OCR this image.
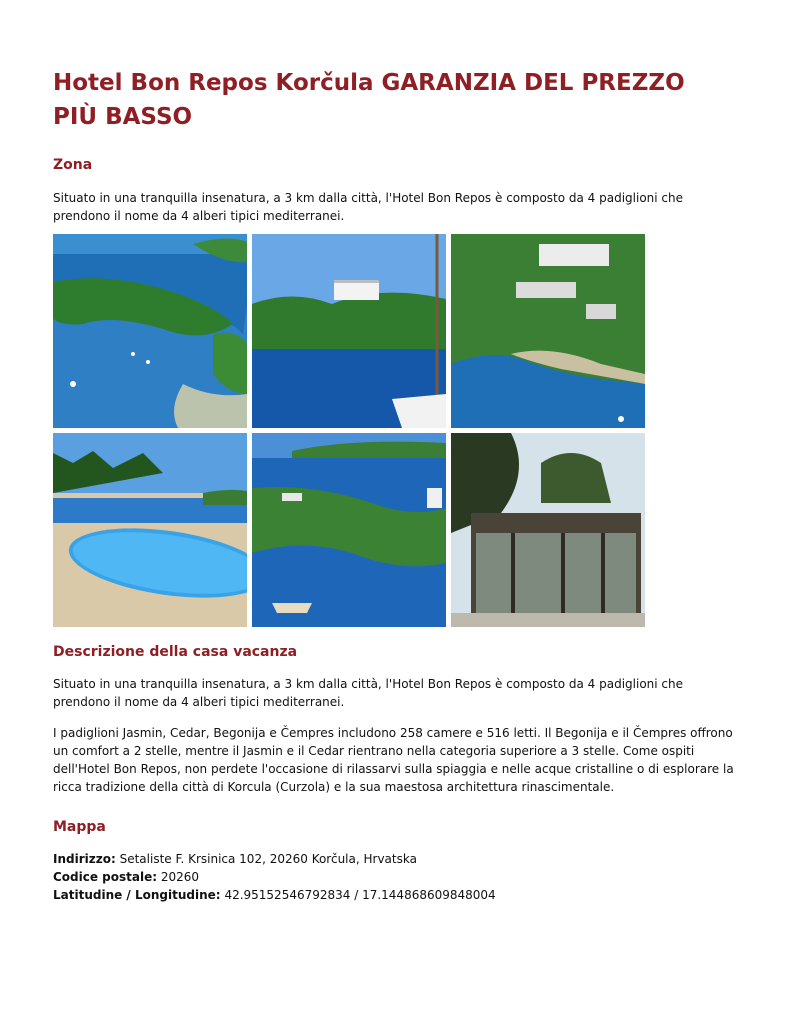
Hotel Bon Repos Korčula GARANZIA DEL PREZZO PIÙ BASSO
Zona

Situato in una tranquilla insenatura, a 3 km dalla città, l'Hotel Bon Repos è composto da 4 padiglioni che prendono il nome da 4 alberi tipici mediterranei.

Descrizione della casa vacanza

Situato in una tranquilla insenatura, a 3 km dalla città, l'Hotel Bon Repos è composto da 4 padiglioni che prendono il nome da 4 alberi tipici mediterranei.

I padiglioni Jasmin, Cedar, Begonija e Čempres includono 258 camere e 516 letti. Il Begonija e il Čempres offrono un comfort a 2 stelle, mentre il Jasmin e il Cedar rientrano nella categoria superiore a 3 stelle. Come ospiti dell'Hotel Bon Repos, non perdete l'occasione di rilassarvi sulla spiaggia e nelle acque cristalline o di esplorare la ricca tradizione della città di Korcula (Curzola) e la sua maestosa architettura rinascimentale.

Mappa
Indirizzo: Setaliste F. Krsinica 102, 20260 Korčula, Hrvatska
Codice postale: 20260
Latitudine / Longitudine: 42.95152546792834 / 17.144868609848004
